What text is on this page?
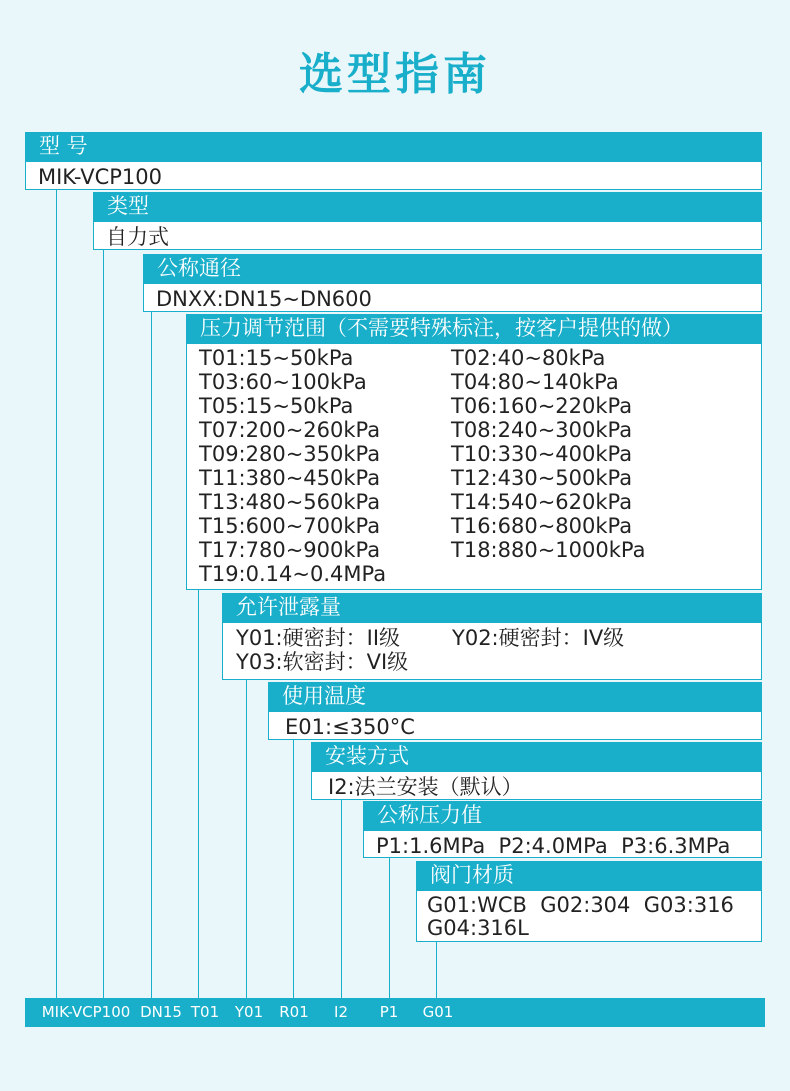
选型指南
型 号
MIK-VCP100
类型
自力式
公称通径
DNXX:DN15~DN600
压力调节范围（不需要特殊标注，按客户提供的做）
T01:15~50kPa	T02:40~80kPa
T03:60~100kPa	T04:80~140kPa
T05:15~50kPa	T06:160~220kPa
T07:200~260kPa	T08:240~300kPa
T09:280~350kPa	T10:330~400kPa
T11:380~450kPa	T12:430~500kPa
T13:480~560kPa	T14:540~620kPa
T15:600~700kPa	T16:680~800kPa
T17:780~900kPa	T18:880~1000kPa
T19:0.14~0.4MPa
允许泄露量
Y01:硬密封：II级	Y02:硬密封：IV级
Y03:软密封：VI级
使用温度
E01:≤350°C
安装方式
I2:法兰安装（默认）
公称压力值
P1:1.6MPa  P2:4.0MPa  P3:6.3MPa
阀门材质
G01:WCB  G02:304  G03:316
G04:316L
MIK-VCP100 DN15 T01 Y01 R01 I2 P1 G01
